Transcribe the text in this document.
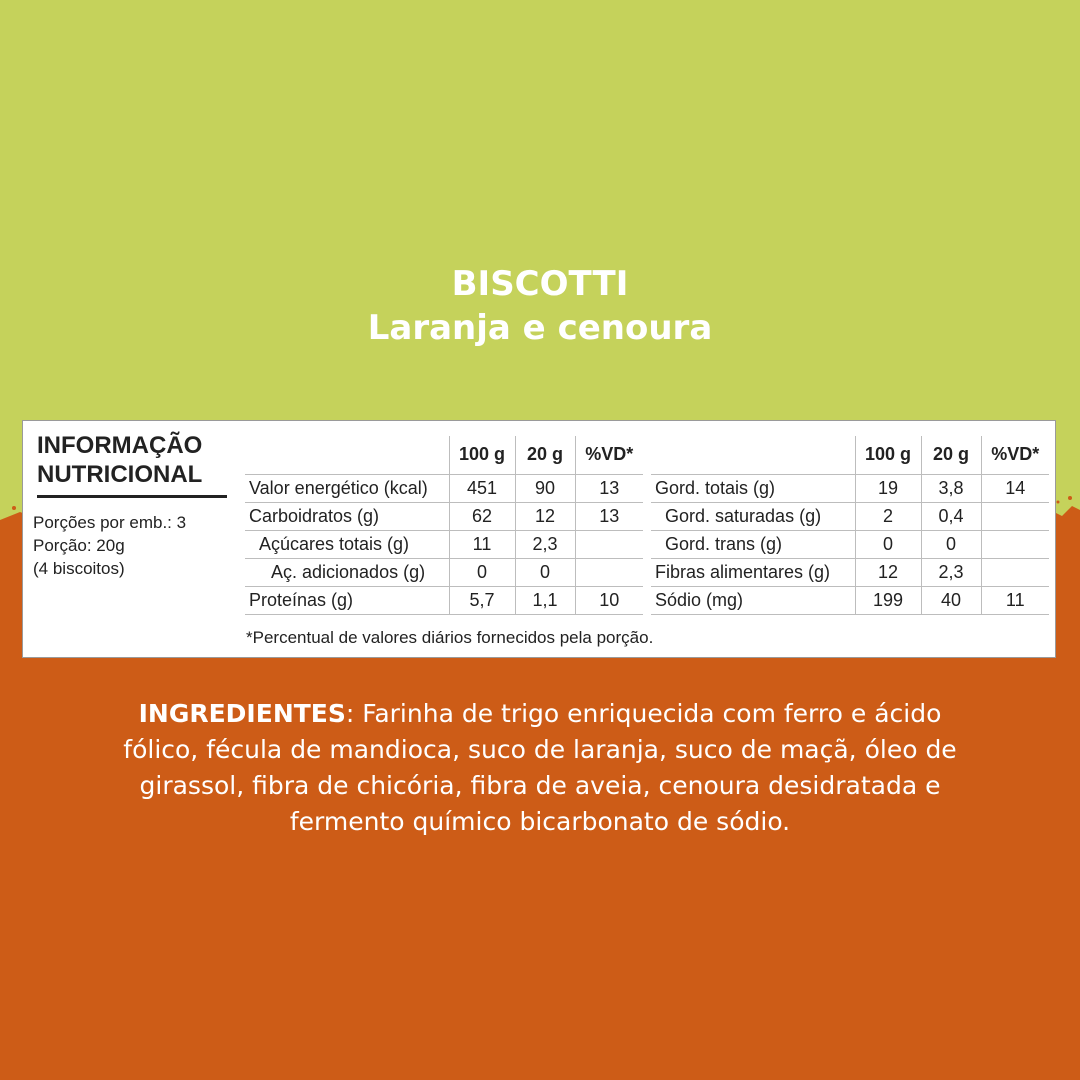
BISCOTTI
Laranja e cenoura
INFORMAÇÃO
NUTRICIONAL
Porções por emb.: 3
Porção: 20g
(4 biscoitos)
	100 g	20 g	%VD*
Valor energético (kcal)	451	90	13
Carboidratos (g)	62	12	13
Açúcares totais (g)	11	2,3	
Aç. adicionados (g)	0	0	
Proteínas (g)	5,7	1,1	10
	100 g	20 g	%VD*
Gord. totais (g)	19	3,8	14
Gord. saturadas (g)	2	0,4	
Gord. trans (g)	0	0	
Fibras alimentares (g)	12	2,3	
Sódio (mg)	199	40	11
*Percentual de valores diários fornecidos pela porção.
INGREDIENTES: Farinha de trigo enriquecida com ferro e ácido fólico, fécula de mandioca, suco de laranja, suco de maçã, óleo de girassol, fibra de chicória, fibra de aveia, cenoura desidratada e fermento químico bicarbonato de sódio.
